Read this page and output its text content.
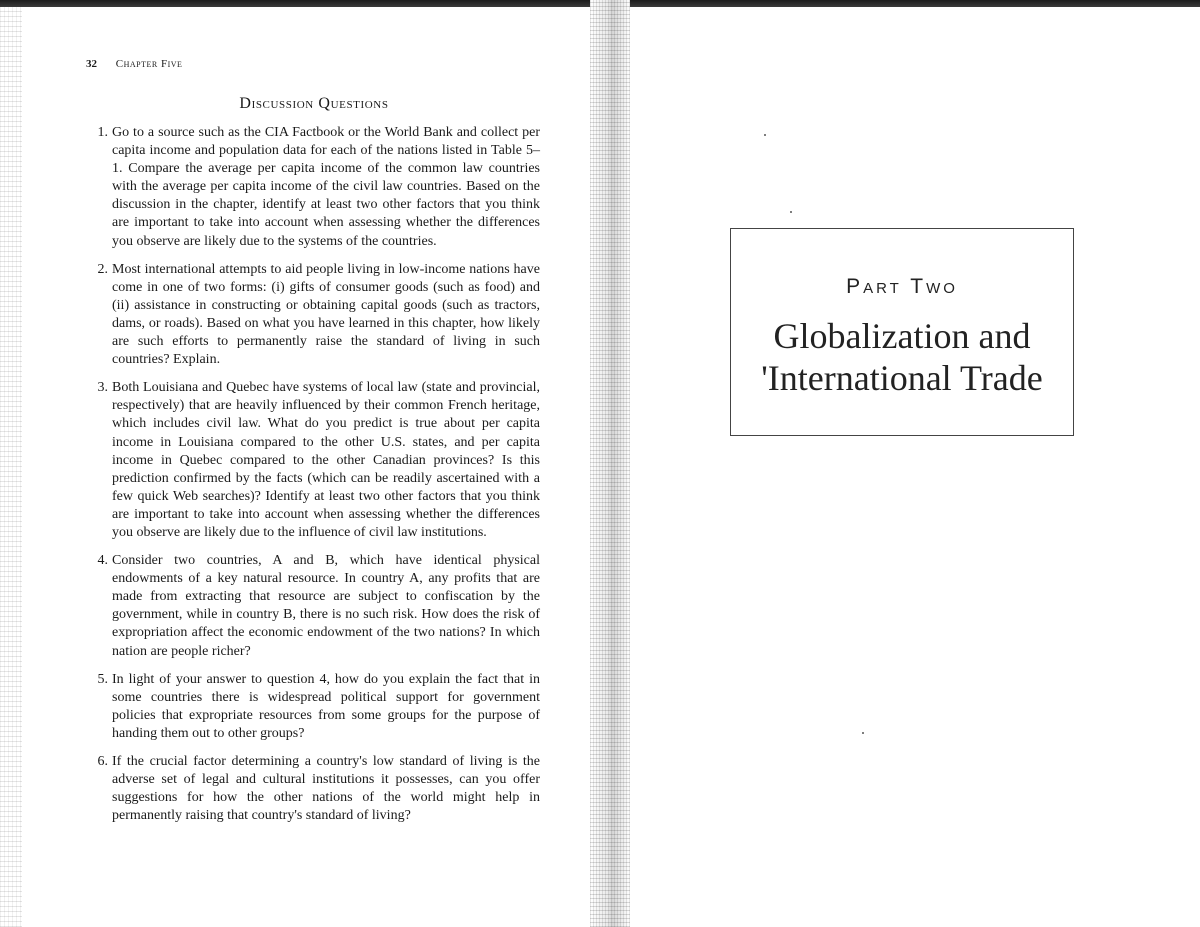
32 Chapter Five
Discussion Questions
1. Go to a source such as the CIA Factbook or the World Bank and collect per capita income and population data for each of the nations listed in Table 5–1. Compare the average per capita income of the common law countries with the average per capita income of the civil law countries. Based on the discussion in the chapter, identify at least two other factors that you think are important to take into account when assessing whether the differences you observe are likely due to the systems of the countries.
2. Most international attempts to aid people living in low-income nations have come in one of two forms: (i) gifts of consumer goods (such as food) and (ii) assistance in constructing or obtaining capital goods (such as tractors, dams, or roads). Based on what you have learned in this chapter, how likely are such efforts to permanently raise the standard of living in such countries? Explain.
3. Both Louisiana and Quebec have systems of local law (state and provincial, respectively) that are heavily influenced by their common French heritage, which includes civil law. What do you predict is true about per capita income in Louisiana compared to the other U.S. states, and per capita income in Quebec compared to the other Canadian provinces? Is this prediction confirmed by the facts (which can be readily ascertained with a few quick Web searches)? Identify at least two other factors that you think are important to take into account when assessing whether the differences you observe are likely due to the influence of civil law institutions.
4. Consider two countries, A and B, which have identical physical endowments of a key natural resource. In country A, any profits that are made from extracting that resource are subject to confiscation by the government, while in country B, there is no such risk. How does the risk of expropriation affect the economic endowment of the two nations? In which nation are people richer?
5. In light of your answer to question 4, how do you explain the fact that in some countries there is widespread political support for government policies that expropriate resources from some groups for the purpose of handing them out to other groups?
6. If the crucial factor determining a country's low standard of living is the adverse set of legal and cultural institutions it possesses, can you offer suggestions for how the other nations of the world might help in permanently raising that country's standard of living?
Part Two
Globalization and 'International Trade
